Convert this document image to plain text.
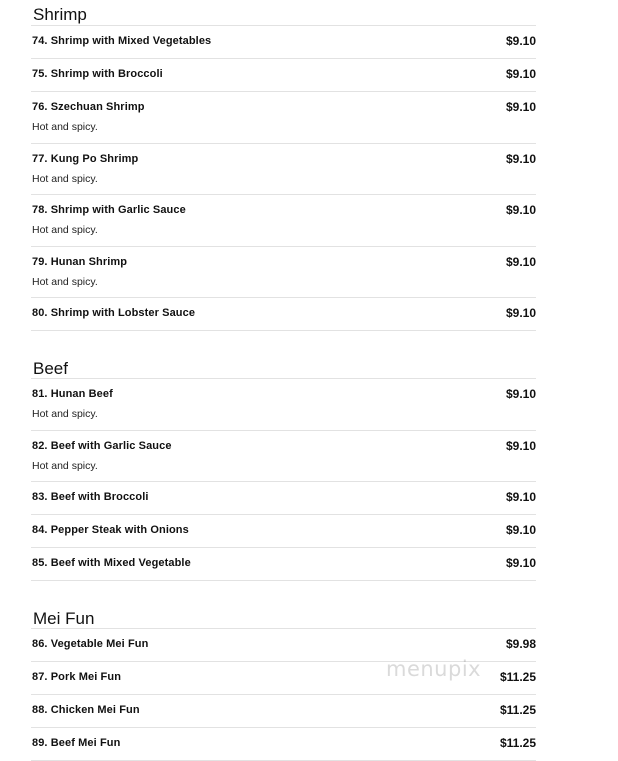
Shrimp
74. Shrimp with Mixed Vegetables	$9.10
75. Shrimp with Broccoli	$9.10
76. Szechuan Shrimp	$9.10
Hot and spicy.
77. Kung Po Shrimp	$9.10
Hot and spicy.
78. Shrimp with Garlic Sauce	$9.10
Hot and spicy.
79. Hunan Shrimp	$9.10
Hot and spicy.
80. Shrimp with Lobster Sauce	$9.10
Beef
81. Hunan Beef	$9.10
Hot and spicy.
82. Beef with Garlic Sauce	$9.10
Hot and spicy.
83. Beef with Broccoli	$9.10
84. Pepper Steak with Onions	$9.10
85. Beef with Mixed Vegetable	$9.10
Mei Fun
86. Vegetable Mei Fun	$9.98
87. Pork Mei Fun	$11.25
88. Chicken Mei Fun	$11.25
89. Beef Mei Fun	$11.25
menupix
